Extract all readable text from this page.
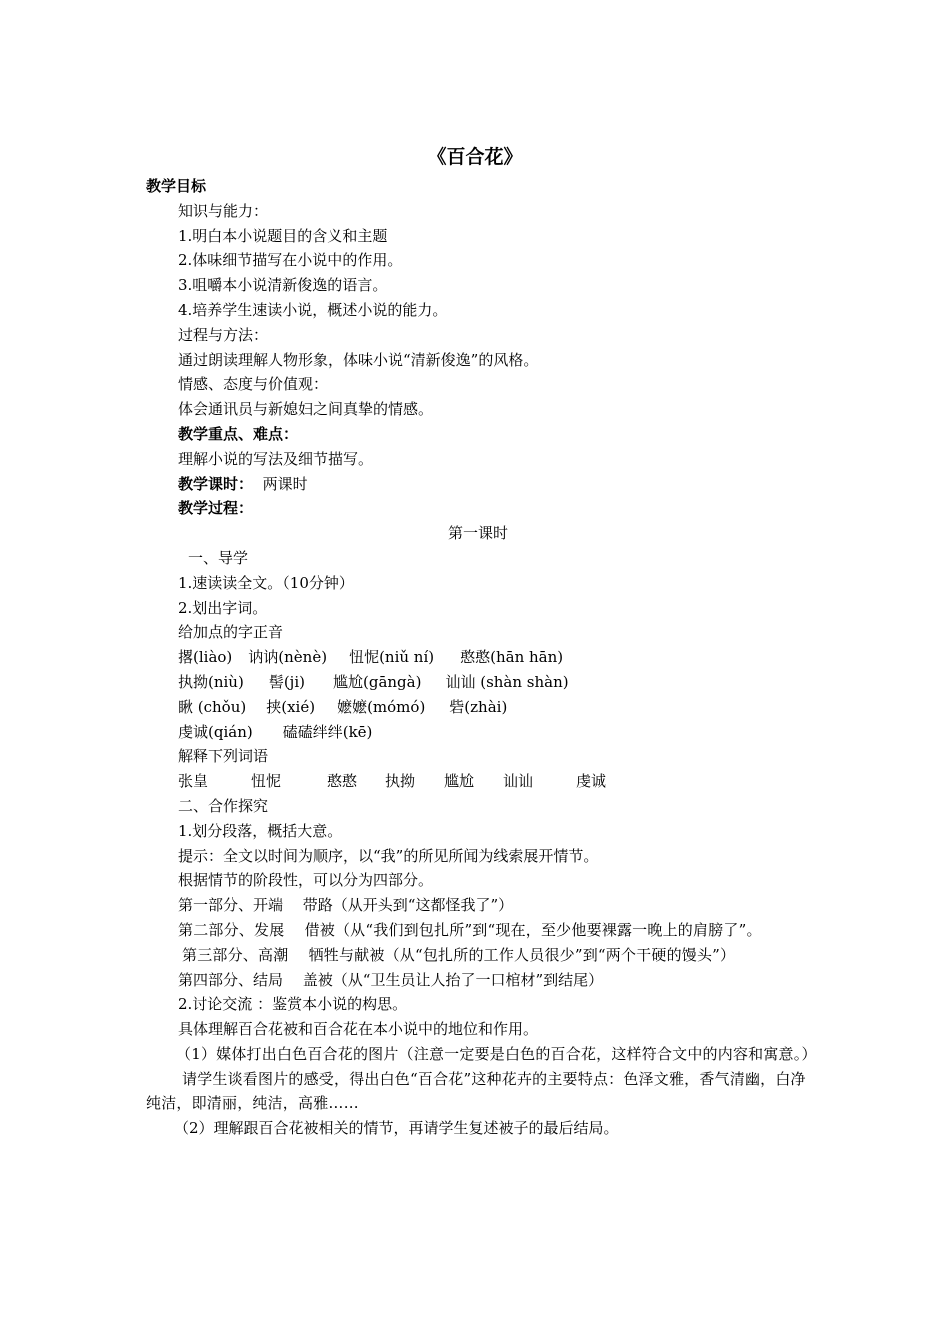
《百合花》
教学目标
知识与能力：
1.明白本小说题目的含义和主题
2.体味细节描写在小说中的作用。
3.咀嚼本小说清新俊逸的语言。
4.培养学生速读小说，概述小说的能力。
过程与方法：
通过朗读理解人物形象，体味小说“清新俊逸”的风格。
情感、态度与价值观：
体会通讯员与新媳妇之间真挚的情感。
教学重点、难点：
理解小说的写法及细节描写。
教学课时： 两课时
教学过程：
第一课时
一、导学
1.速读读全文。（10分钟）
2.划出字词。
给加点的字正音
撂(liào) 讷讷(nènè) 忸怩(niǔ ní) 憨憨(hān hān)
执拗(niù) 髻(ji) 尴尬(gāngà) 讪讪 (shàn shàn)
瞅 (chǒu) 挟(xié) 嬷嬷(mómó) 砦(zhài)
虔诚(qián) 磕磕绊绊(kē)
解释下列词语
张皇	忸怩	憨憨 执拗 尴尬 讪讪	虔诚
二、合作探究
1.划分段落，概括大意。
提示：全文以时间为顺序，以“我”的所见所闻为线索展开情节。
根据情节的阶段性，可以分为四部分。
第一部分、开端　 带路（从开头到“这都怪我了”）
第二部分、发展　 借被（从“我们到包扎所”到“现在，至少他要裸露一晚上的肩膀了”。
第三部分、高潮　 牺牲与献被（从“包扎所的工作人员很少”到“两个干硬的馒头”）
第四部分、结局　 盖被（从“卫生员让人抬了一口棺材”到结尾）
2.讨论交流 ：鉴赏本小说的构思。
具体理解百合花被和百合花在本小说中的地位和作用。
（1）媒体打出白色百合花的图片（注意一定要是白色的百合花，这样符合文中的内容和寓意。）
请学生谈看图片的感受，得出白色“百合花”这种花卉的主要特点：色泽文雅，香气清幽，白净纯洁，即清丽，纯洁，高雅……
（2）理解跟百合花被相关的情节，再请学生复述被子的最后结局。
